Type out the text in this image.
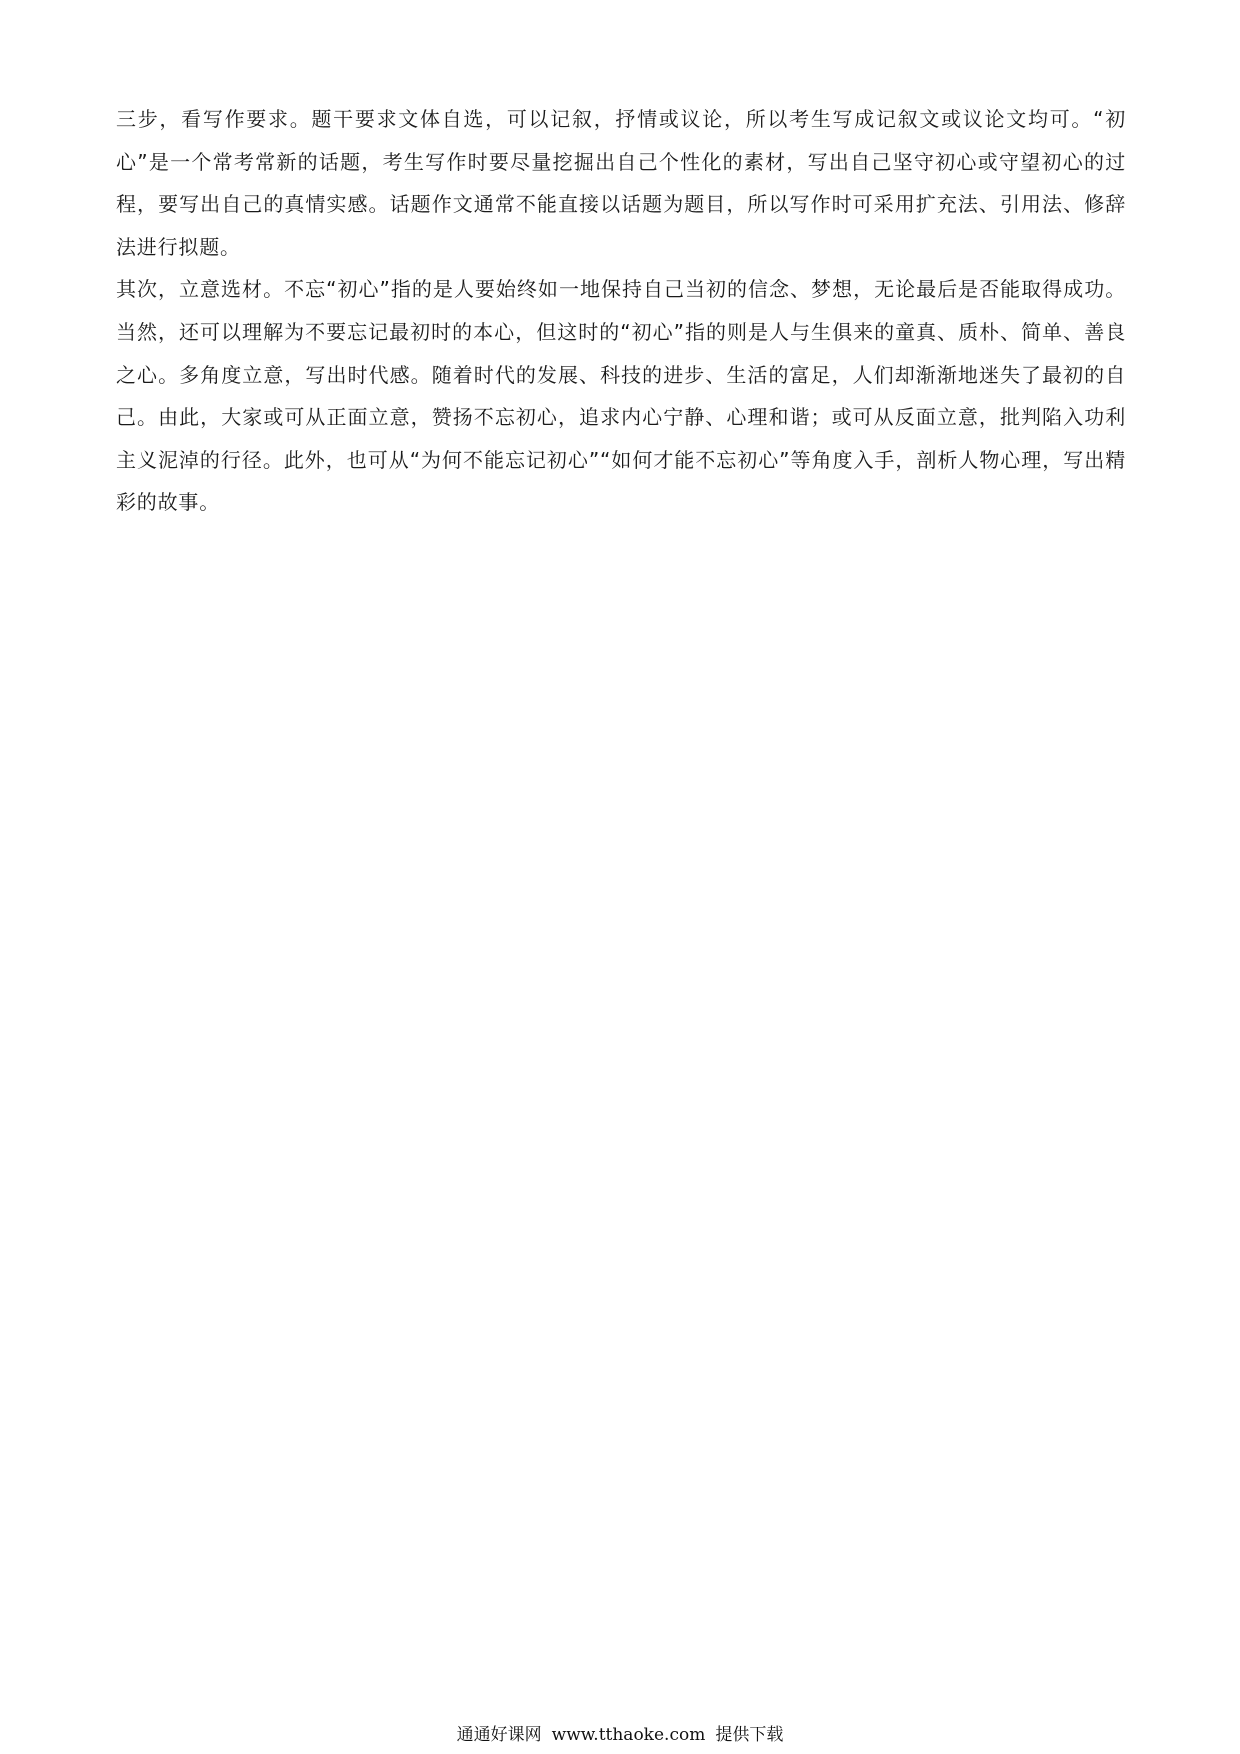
三步，看写作要求。题干要求文体自选，可以记叙，抒情或议论，所以考生写成记叙文或议论文均可。“初心”是一个常考常新的话题，考生写作时要尽量挖掘出自己个性化的素材，写出自己坚守初心或守望初心的过程，要写出自己的真情实感。话题作文通常不能直接以话题为题目，所以写作时可采用扩充法、引用法、修辞法进行拟题。

其次，立意选材。不忘“初心”指的是人要始终如一地保持自己当初的信念、梦想，无论最后是否能取得成功。当然，还可以理解为不要忘记最初时的本心，但这时的“初心”指的则是人与生俱来的童真、质朴、简单、善良之心。多角度立意，写出时代感。随着时代的发展、科技的进步、生活的富足，人们却渐渐地迷失了最初的自己。由此，大家或可从正面立意，赞扬不忘初心，追求内心宁静、心理和谐；或可从反面立意，批判陷入功利主义泥淖的行径。此外，也可从“为何不能忘记初心”“如何才能不忘初心”等角度入手，剖析人物心理，写出精彩的故事。

通通好课网 www.tthaoke.com 提供下载
